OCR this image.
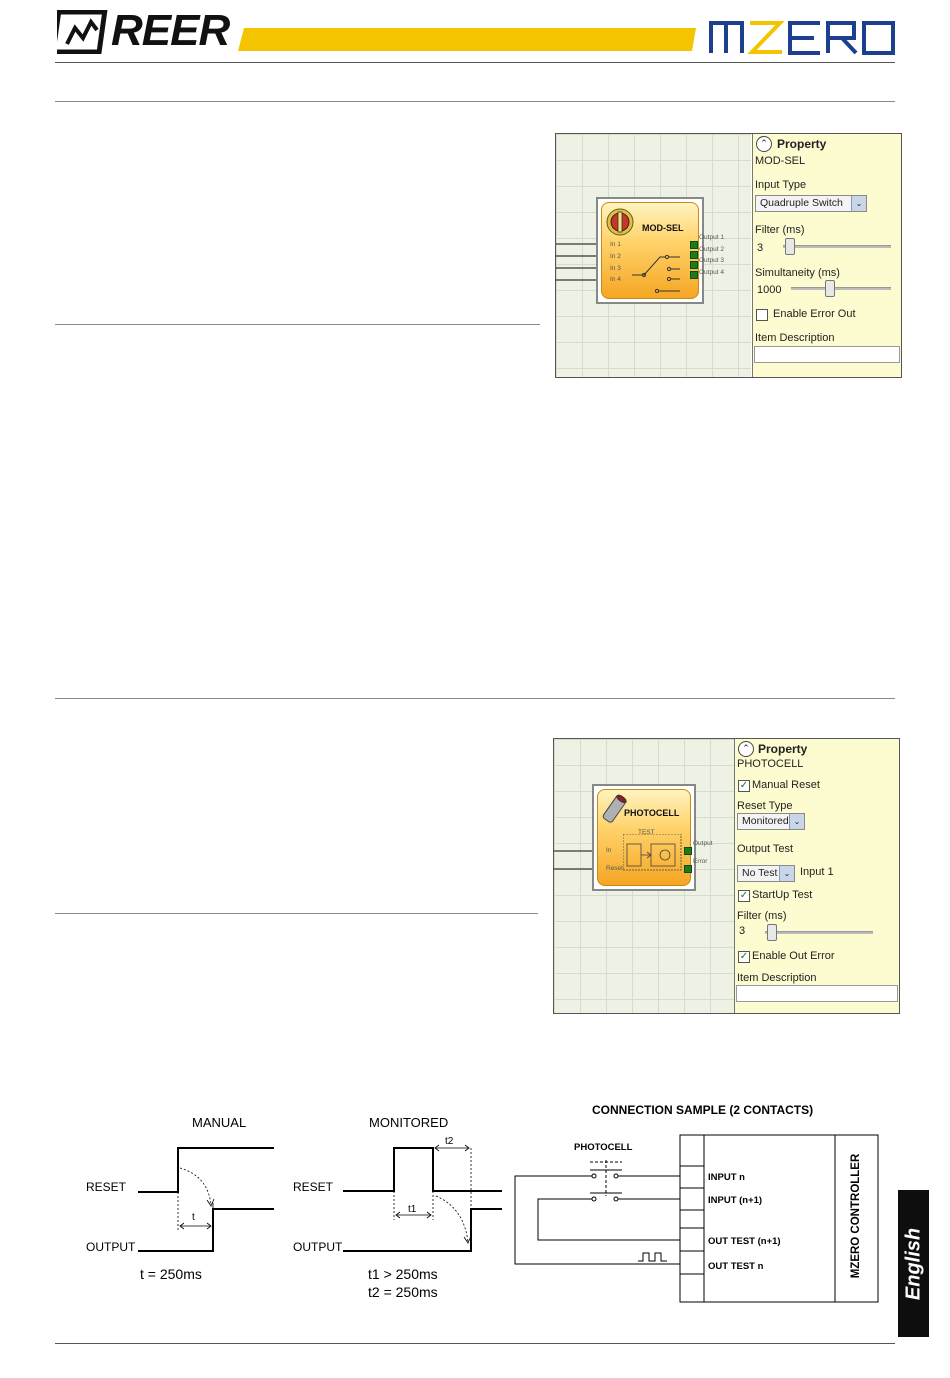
REER
MOD-SEL
In 1
In 2
In 3
In 4
Output 1
Output 2
Output 3
Output 4
⌃ Property
MOD-SEL
Input Type
Quadruple Switch	⌄
Filter (ms)
3
Simultaneity (ms)
1000
Enable Error Out
Item Description
PHOTOCELL
TEST
In
Reset
Output
Error
⌃ Property
PHOTOCELL
✓ Manual Reset
Reset Type
Monitored ⌄
Output Test
No Test ⌄ Input 1
✓ StartUp Test
Filter (ms)
3
✓ Enable Out Error
Item Description
MANUAL
RESET
OUTPUT
t
t = 250ms
MONITORED
RESET
OUTPUT
t1
t2
t1 > 250ms
t2 = 250ms
CONNECTION SAMPLE (2 CONTACTS)
PHOTOCELL
INPUT n
INPUT (n+1)
OUT TEST (n+1)
OUT TEST n	MZERO CONTROLLER English
